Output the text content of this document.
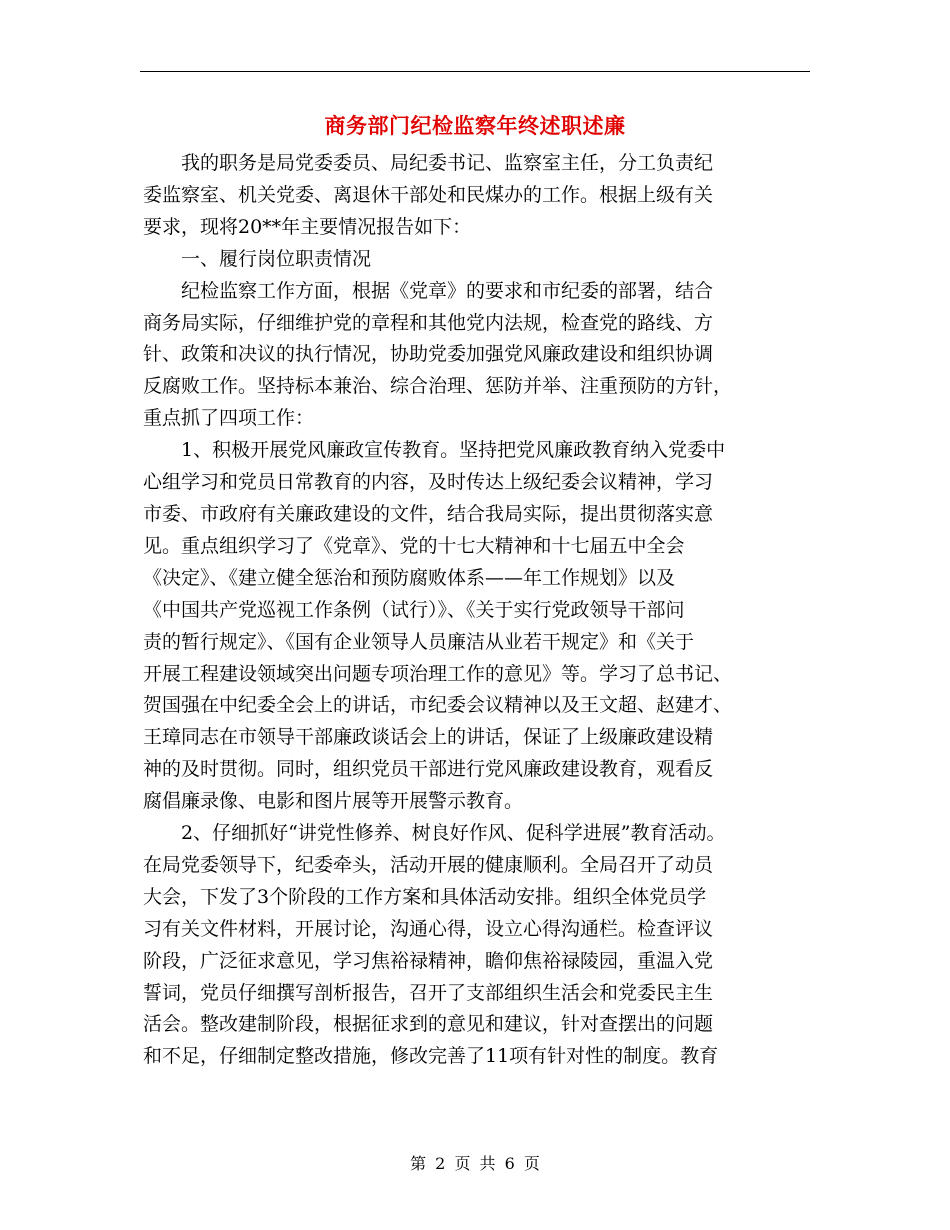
商务部门纪检监察年终述职述廉
　　我的职务是局党委委员、局纪委书记、监察室主任，分工负责纪
委监察室、机关党委、离退休干部处和民煤办的工作。根据上级有关
要求，现将20**年主要情况报告如下：
　　一、履行岗位职责情况
　　纪检监察工作方面，根据《党章》的要求和市纪委的部署，结合
商务局实际，仔细维护党的章程和其他党内法规，检查党的路线、方
针、政策和决议的执行情况，协助党委加强党风廉政建设和组织协调
反腐败工作。坚持标本兼治、综合治理、惩防并举、注重预防的方针，
重点抓了四项工作：
　　1、积极开展党风廉政宣传教育。坚持把党风廉政教育纳入党委中
心组学习和党员日常教育的内容，及时传达上级纪委会议精神，学习
市委、市政府有关廉政建设的文件，结合我局实际，提出贯彻落实意
见。重点组织学习了《党章》、党的十七大精神和十七届五中全会
《决定》、《建立健全惩治和预防腐败体系——年工作规划》以及
《中国共产党巡视工作条例（试行）》、《关于实行党政领导干部问
责的暂行规定》、《国有企业领导人员廉洁从业若干规定》和《关于
开展工程建设领域突出问题专项治理工作的意见》等。学习了总书记、
贺国强在中纪委全会上的讲话，市纪委会议精神以及王文超、赵建才、
王璋同志在市领导干部廉政谈话会上的讲话，保证了上级廉政建设精
神的及时贯彻。同时，组织党员干部进行党风廉政建设教育，观看反
腐倡廉录像、电影和图片展等开展警示教育。
　　2、仔细抓好“讲党性修养、树良好作风、促科学进展”教育活动。
在局党委领导下，纪委牵头，活动开展的健康顺利。全局召开了动员
大会，下发了3个阶段的工作方案和具体活动安排。组织全体党员学
习有关文件材料，开展讨论，沟通心得，设立心得沟通栏。检查评议
阶段，广泛征求意见，学习焦裕禄精神，瞻仰焦裕禄陵园，重温入党
誓词，党员仔细撰写剖析报告，召开了支部组织生活会和党委民主生
活会。整改建制阶段，根据征求到的意见和建议，针对查摆出的问题
和不足，仔细制定整改措施，修改完善了11项有针对性的制度。教育
第 2 页 共 6 页
